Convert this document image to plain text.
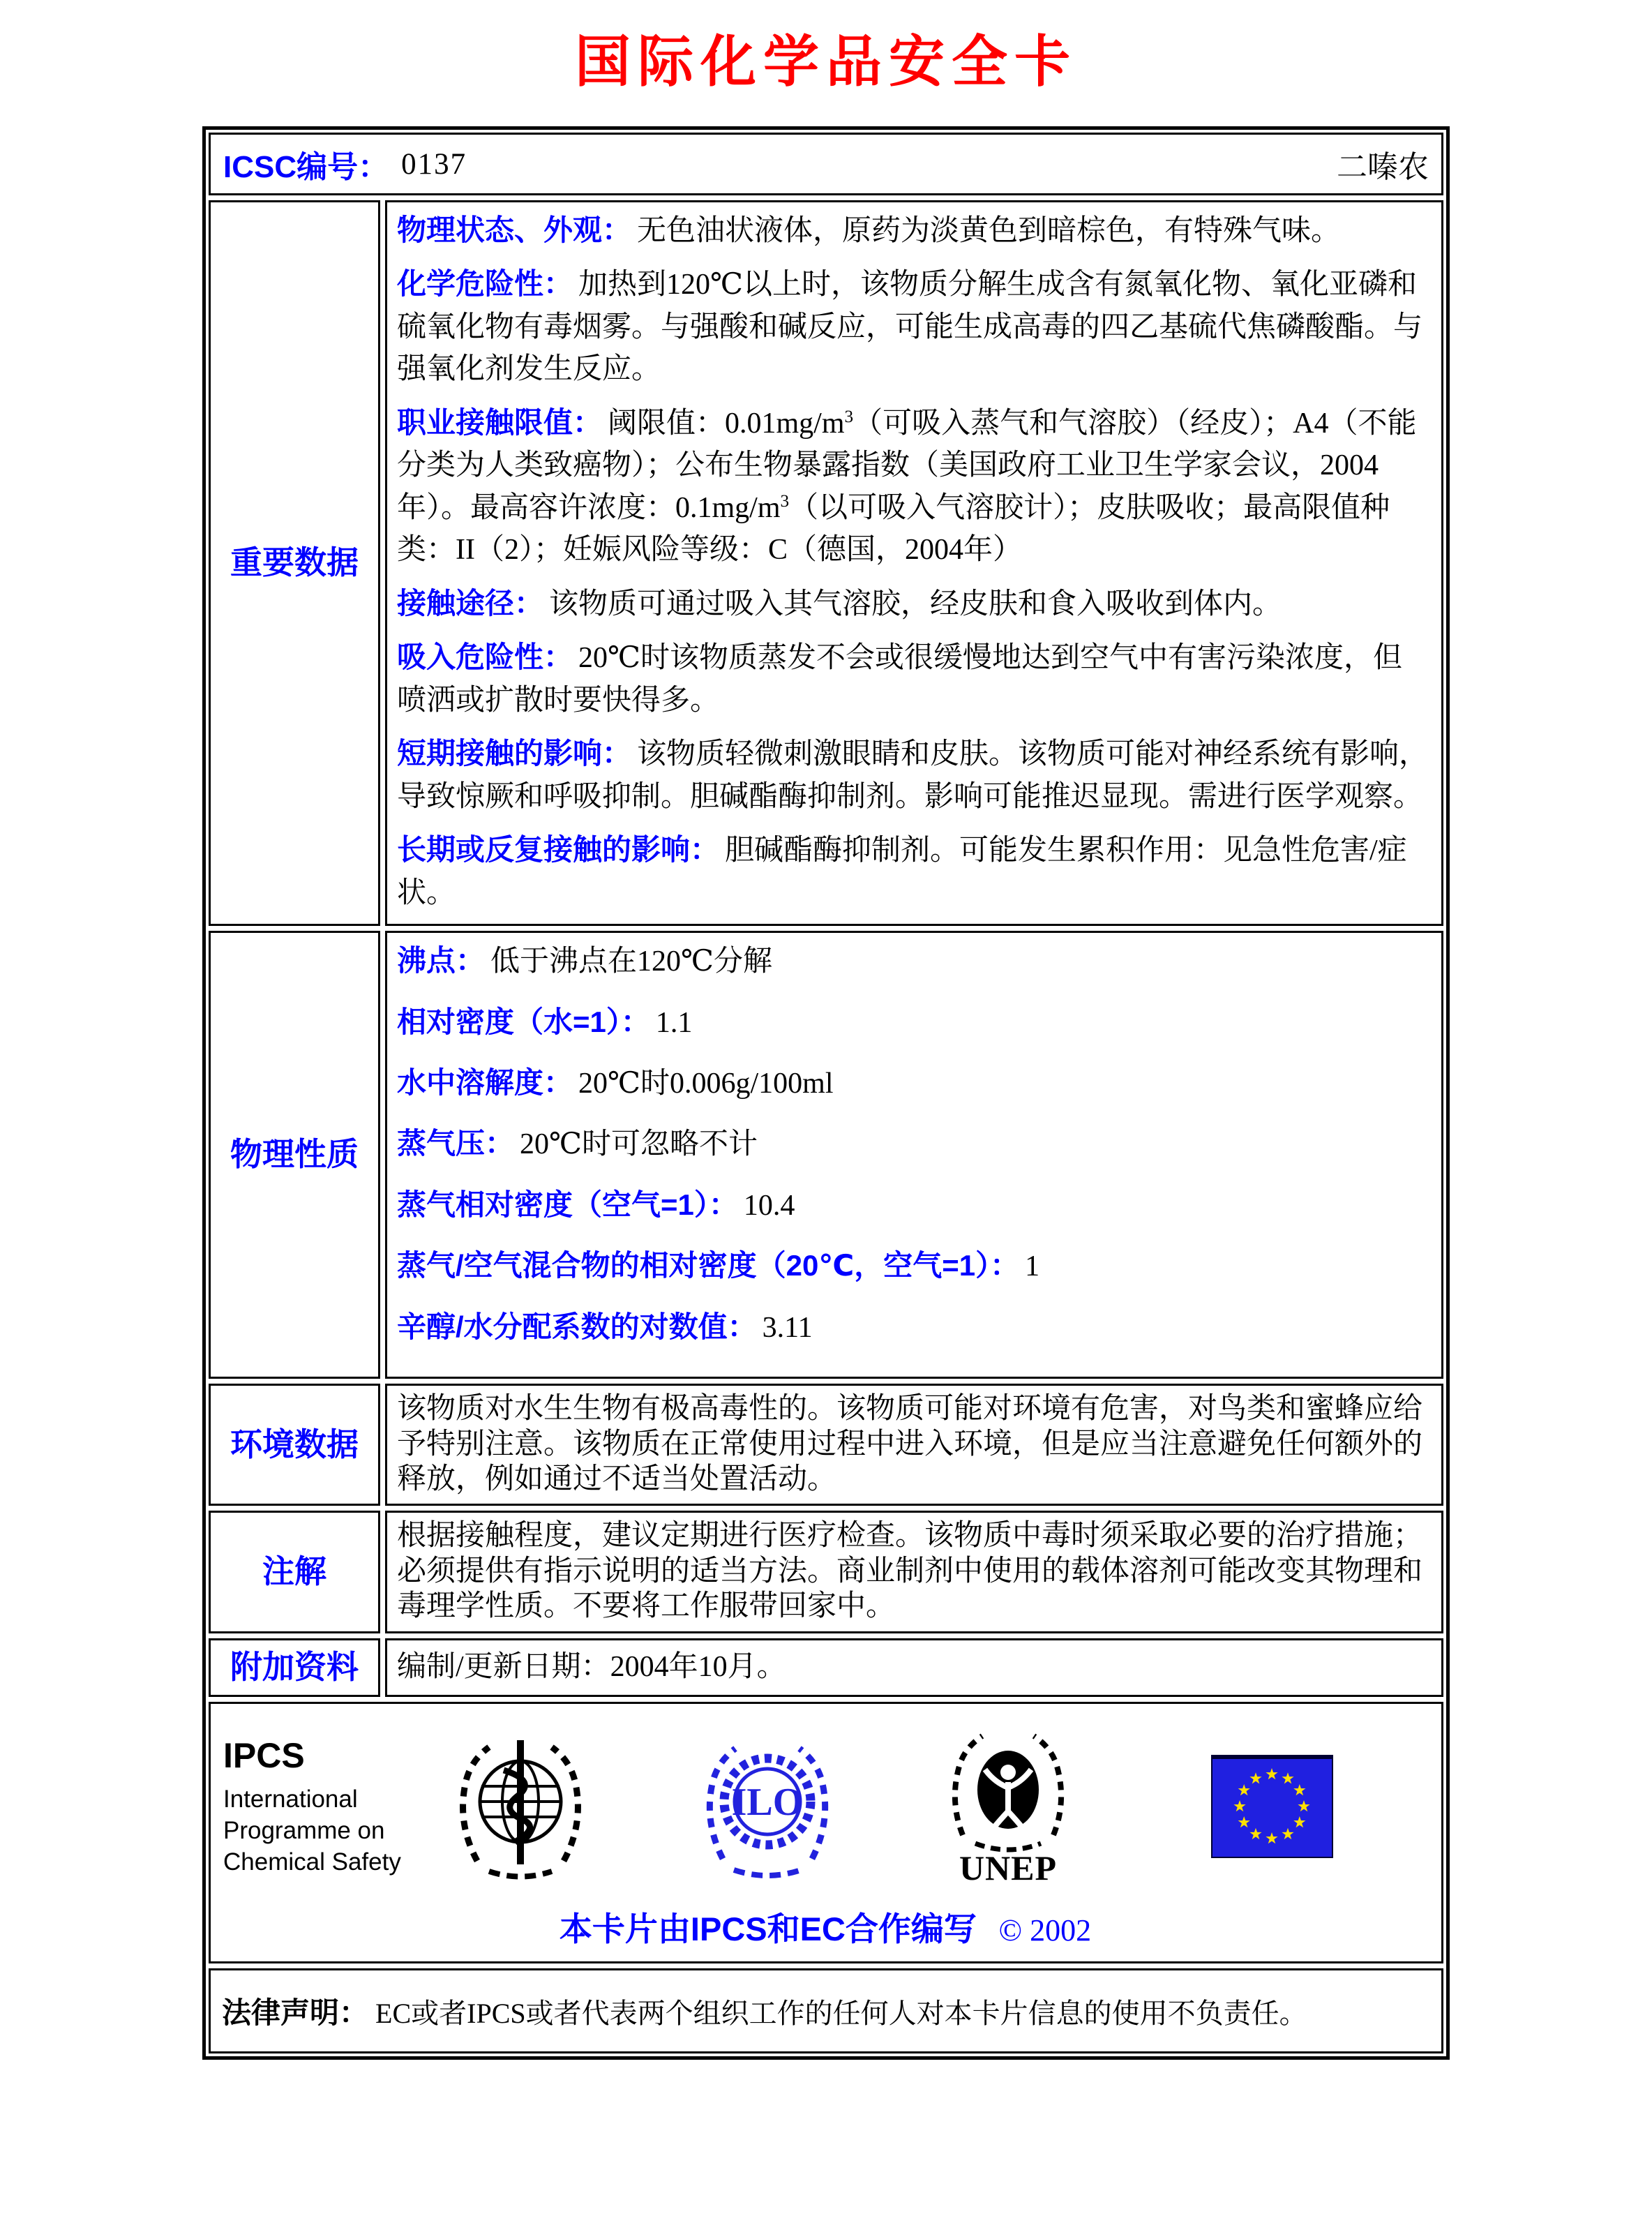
国际化学品安全卡
ICSC编号： 0137	二嗪农
重要数据
物理状态、外观： 无色油状液体，原药为淡黄色到暗棕色，有特殊气味。
化学危险性： 加热到120℃以上时，该物质分解生成含有氮氧化物、氧化亚磷和硫氧化物有毒烟雾。与强酸和碱反应，可能生成高毒的四乙基硫代焦磷酸酯。与强氧化剂发生反应。
职业接触限值： 阈限值：$0.01mg/m^3$（可吸入蒸气和气溶胶）（经皮）；A4（不能分类为人类致癌物）；公布生物暴露指数（美国政府工业卫生学家会议，2004年）。最高容许浓度：$0.1mg/m^3$（以可吸入气溶胶计）；皮肤吸收；最高限值种类：II（2）；妊娠风险等级：C（德国，2004年）
接触途径： 该物质可通过吸入其气溶胶，经皮肤和食入吸收到体内。
吸入危险性： 20℃时该物质蒸发不会或很缓慢地达到空气中有害污染浓度，但喷洒或扩散时要快得多。
短期接触的影响： 该物质轻微刺激眼睛和皮肤。该物质可能对神经系统有影响，导致惊厥和呼吸抑制。胆碱酯酶抑制剂。影响可能推迟显现。需进行医学观察。
长期或反复接触的影响： 胆碱酯酶抑制剂。可能发生累积作用：见急性危害/症状。
物理性质
沸点： 低于沸点在120℃分解
相对密度（水=1）： 1.1
水中溶解度： 20℃时0.006g/100ml
蒸气压： 20℃时可忽略不计
蒸气相对密度（空气=1）： 10.4
蒸气/空气混合物的相对密度（20℃，空气=1）： 1
辛醇/水分配系数的对数值： 3.11
环境数据
该物质对水生生物有极高毒性的。该物质可能对环境有危害，对鸟类和蜜蜂应给予特别注意。该物质在正常使用过程中进入环境，但是应当注意避免任何额外的释放，例如通过不适当处置活动。
注解
根据接触程度，建议定期进行医疗检查。该物质中毒时须采取必要的治疗措施；必须提供有指示说明的适当方法。商业制剂中使用的载体溶剂可能改变其物理和毒理学性质。不要将工作服带回家中。
附加资料	编制/更新日期：2004年10月。
IPCS
International
Programme on
Chemical Safety
ILO
UNEP
本卡片由IPCS和EC合作编写 © 2002
法律声明： EC或者IPCS或者代表两个组织工作的任何人对本卡片信息的使用不负责任。
